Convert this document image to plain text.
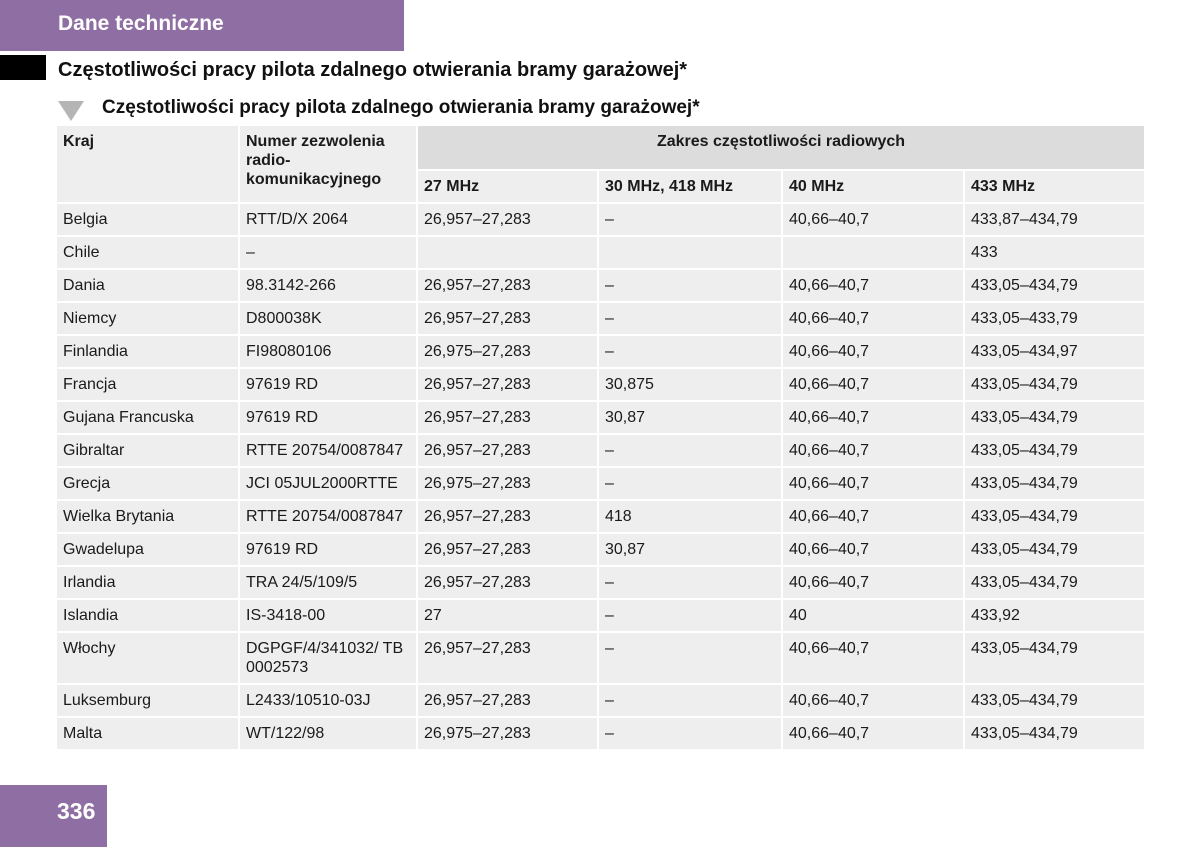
Dane techniczne
Częstotliwości pracy pilota zdalnego otwierania bramy garażowej*
Częstotliwości pracy pilota zdalnego otwierania bramy garażowej*
Kraj	Numer zezwolenia radio-komunikacyjnego	Zakres częstotliwości radiowych			
		27 MHz	30 MHz, 418 MHz	40 MHz	433 MHz
Belgia	RTT/D/X 2064	26,957–27,283	–	40,66–40,7	433,87–434,79
Chile	–				433
Dania	98.3142-266	26,957–27,283	–	40,66–40,7	433,05–434,79
Niemcy	D800038K	26,957–27,283	–	40,66–40,7	433,05–433,79
Finlandia	FI98080106	26,975–27,283	–	40,66–40,7	433,05–434,97
Francja	97619 RD	26,957–27,283	30,875	40,66–40,7	433,05–434,79
Gujana Francuska	97619 RD	26,957–27,283	30,87	40,66–40,7	433,05–434,79
Gibraltar	RTTE 20754/0087847	26,957–27,283	–	40,66–40,7	433,05–434,79
Grecja	JCI 05JUL2000RTTE	26,975–27,283	–	40,66–40,7	433,05–434,79
Wielka Brytania	RTTE 20754/0087847	26,957–27,283	418	40,66–40,7	433,05–434,79
Gwadelupa	97619 RD	26,957–27,283	30,87	40,66–40,7	433,05–434,79
Irlandia	TRA 24/5/109/5	26,957–27,283	–	40,66–40,7	433,05–434,79
Islandia	IS-3418-00	27	–	40	433,92
Włochy	DGPGF/4/341032/ TB 0002573	26,957–27,283	–	40,66–40,7	433,05–434,79
Luksemburg	L2433/10510-03J	26,957–27,283	–	40,66–40,7	433,05–434,79
Malta	WT/122/98	26,975–27,283	–	40,66–40,7	433,05–434,79
336
